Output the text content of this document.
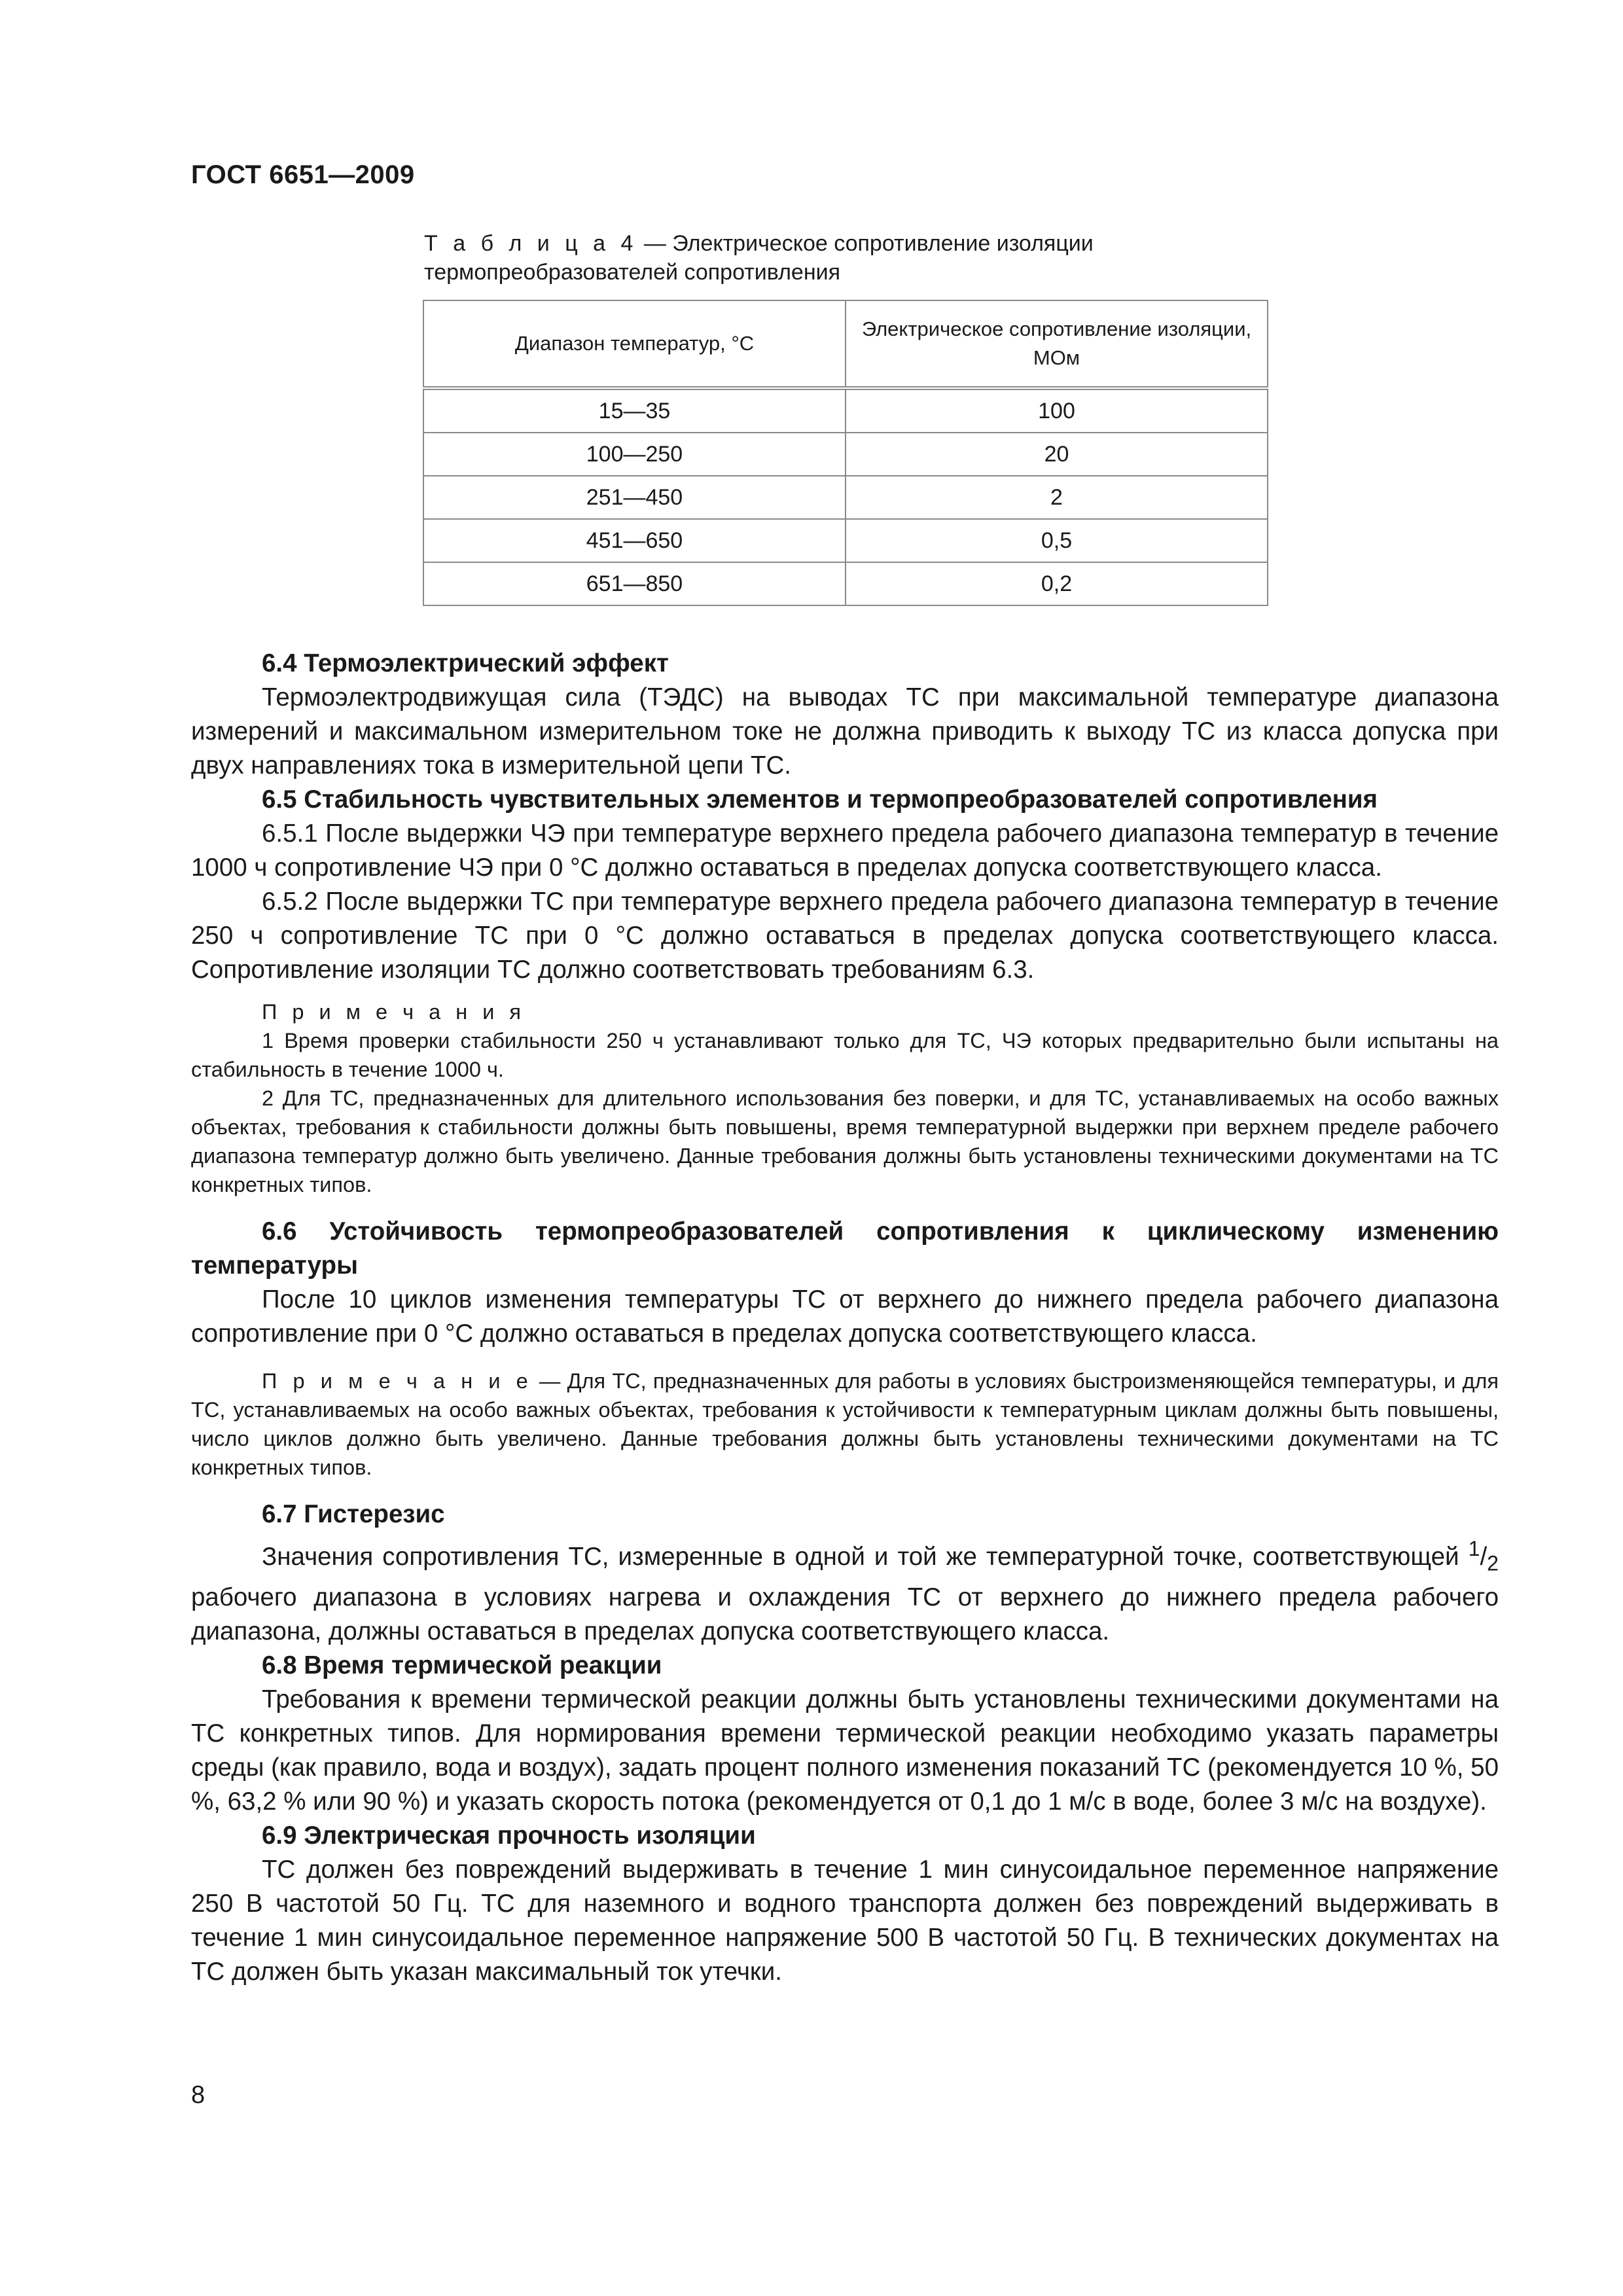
ГОСТ 6651—2009
Т а б л и ц а 4 — Электрическое сопротивление изоляции термопреобразователей сопротивления
Диапазон температур, °С	Электрическое сопротивление изоляции, МОм
15—35	100
100—250	20
251—450	2
451—650	0,5
651—850	0,2

6.4 Термоэлектрический эффект

Термоэлектродвижущая сила (ТЭДС) на выводах ТС при максимальной температуре диапазона измерений и максимальном измерительном токе не должна приводить к выходу ТС из класса допуска при двух направлениях тока в измерительной цепи ТС.

6.5 Стабильность чувствительных элементов и термопреобразователей сопротивления

6.5.1 После выдержки ЧЭ при температуре верхнего предела рабочего диапазона температур в течение 1000 ч сопротивление ЧЭ при 0 °С должно оставаться в пределах допуска соответствующего класса.

6.5.2 После выдержки ТС при температуре верхнего предела рабочего диапазона температур в течение 250 ч сопротивление ТС при 0 °С должно оставаться в пределах допуска соответствующего класса. Сопротивление изоляции ТС должно соответствовать требованиям 6.3.

П р и м е ч а н и я

1 Время проверки стабильности 250 ч устанавливают только для ТС, ЧЭ которых предварительно были испытаны на стабильность в течение 1000 ч.

2 Для ТС, предназначенных для длительного использования без поверки, и для ТС, устанавливаемых на особо важных объектах, требования к стабильности должны быть повышены, время температурной выдержки при верхнем пределе рабочего диапазона температур должно быть увеличено. Данные требования должны быть установлены техническими документами на ТС конкретных типов.

6.6 Устойчивость термопреобразователей сопротивления к циклическому изменению температуры

После 10 циклов изменения температуры ТС от верхнего до нижнего предела рабочего диапазона сопротивление при 0 °С должно оставаться в пределах допуска соответствующего класса.

П р и м е ч а н и е — Для ТС, предназначенных для работы в условиях быстроизменяющейся температуры, и для ТС, устанавливаемых на особо важных объектах, требования к устойчивости к температурным циклам должны быть повышены, число циклов должно быть увеличено. Данные требования должны быть установлены техническими документами на ТС конкретных типов.

6.7 Гистерезис

Значения сопротивления ТС, измеренные в одной и той же температурной точке, соответствующей $^1/_2$ рабочего диапазона в условиях нагрева и охлаждения ТС от верхнего до нижнего предела рабочего диапазона, должны оставаться в пределах допуска соответствующего класса.

6.8 Время термической реакции

Требования к времени термической реакции должны быть установлены техническими документами на ТС конкретных типов. Для нормирования времени термической реакции необходимо указать параметры среды (как правило, вода и воздух), задать процент полного изменения показаний ТС (рекомендуется 10 %, 50 %, 63,2 % или 90 %) и указать скорость потока (рекомендуется от 0,1 до 1 м/с в воде, более 3 м/с на воздухе).

6.9 Электрическая прочность изоляции

ТС должен без повреждений выдерживать в течение 1 мин синусоидальное переменное напряжение 250 В частотой 50 Гц. ТС для наземного и водного транспорта должен без повреждений выдерживать в течение 1 мин синусоидальное переменное напряжение 500 В частотой 50 Гц. В технических документах на ТС должен быть указан максимальный ток утечки.

8
